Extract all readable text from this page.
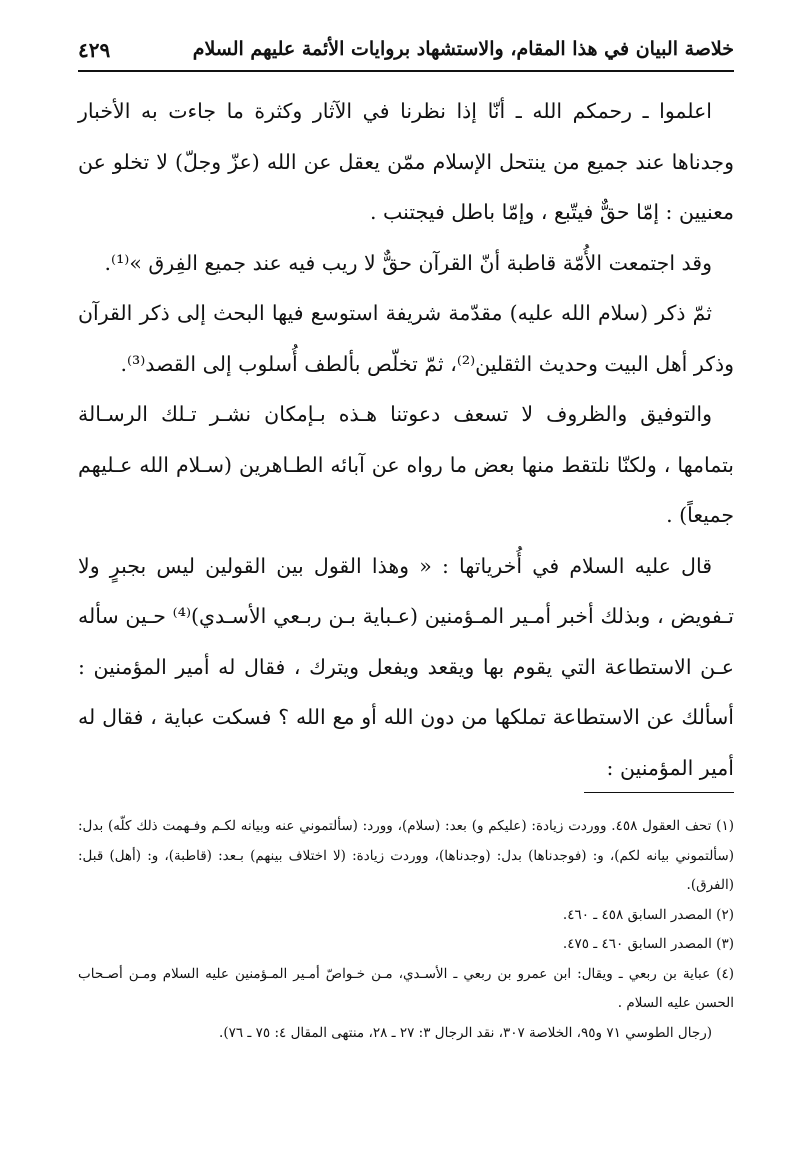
خلاصة البيان في هذا المقام، والاستشهاد بروايات الأئمة عليهم السلام
٤٢٩

اعلموا ـ رحمكم الله ـ أنّا إذا نظرنا في الآثار وكثرة ما جاءت به الأخبار وجدناها عند جميع من ينتحل الإسلام ممّن يعقل عن الله (عزّ وجلّ) لا تخلو عن معنيين : إمّا حقٌّ فيتّبع ، وإمّا باطل فيجتنب .

وقد اجتمعت الأُمّة قاطبة أنّ القرآن حقٌّ لا ريب فيه عند جميع الفِرق »⁽¹⁾.

ثمّ ذكر (سلام الله عليه) مقدّمة شريفة استوسع فيها البحث إلى ذكر القرآن وذكر أهل البيت وحديث الثقلين⁽²⁾، ثمّ تخلّص بألطف أُسلوب إلى القصد⁽³⁾.

والتوفيق والظروف لا تسعف دعوتنا هـذه بـإمكان نشـر تـلك الرسـالة بتمامها ، ولكنّا نلتقط منها بعض ما رواه عن آبائه الطـاهرين (سـلام الله عـليهم جميعاً) .

قال عليه السلام في أُخرياتها : « وهذا القول بين القولين ليس بجبرٍ ولا تـفويض ، وبذلك أخبر أمـير المـؤمنين (عـباية بـن ربـعي الأسـدي)⁽⁴⁾ حـين سأله عـن الاستطاعة التي يقوم بها ويقعد ويفعل ويترك ، فقال له أمير المؤمنين : أسألك عن الاستطاعة تملكها من دون الله أو مع الله ؟ فسكت عباية ، فقال له أمير المؤمنين :

(١) تحف العقول ٤٥٨. ووردت زيادة: (عليكم و) بعد: (سلام)، وورد: (سألتموني عنه وبيانه لكـم وفـهمت ذلك كلّه) بدل: (سألتموني بيانه لكم)، و: (فوجدناها) بدل: (وجدناها)، ووردت زيادة: (لا اختلاف بينهم) بـعد: (قاطبة)، و: (أهل) قبل: (الفرق).

(٢) المصدر السابق ٤٥٨ ـ ٤٦٠.

(٣) المصدر السابق ٤٦٠ ـ ٤٧٥.

(٤) عباية بن ربعي ـ ويقال: ابن عمرو بن ربعي ـ الأسـدي، مـن خـواصّ أمـير المـؤمنين عليه السلام ومـن أصـحاب الحسن عليه السلام .

(رجال الطوسي ٧١ و٩٥، الخلاصة ٣٠٧، نقد الرجال ٣: ٢٧ ـ ٢٨، منتهى المقال ٤: ٧٥ ـ ٧٦).
